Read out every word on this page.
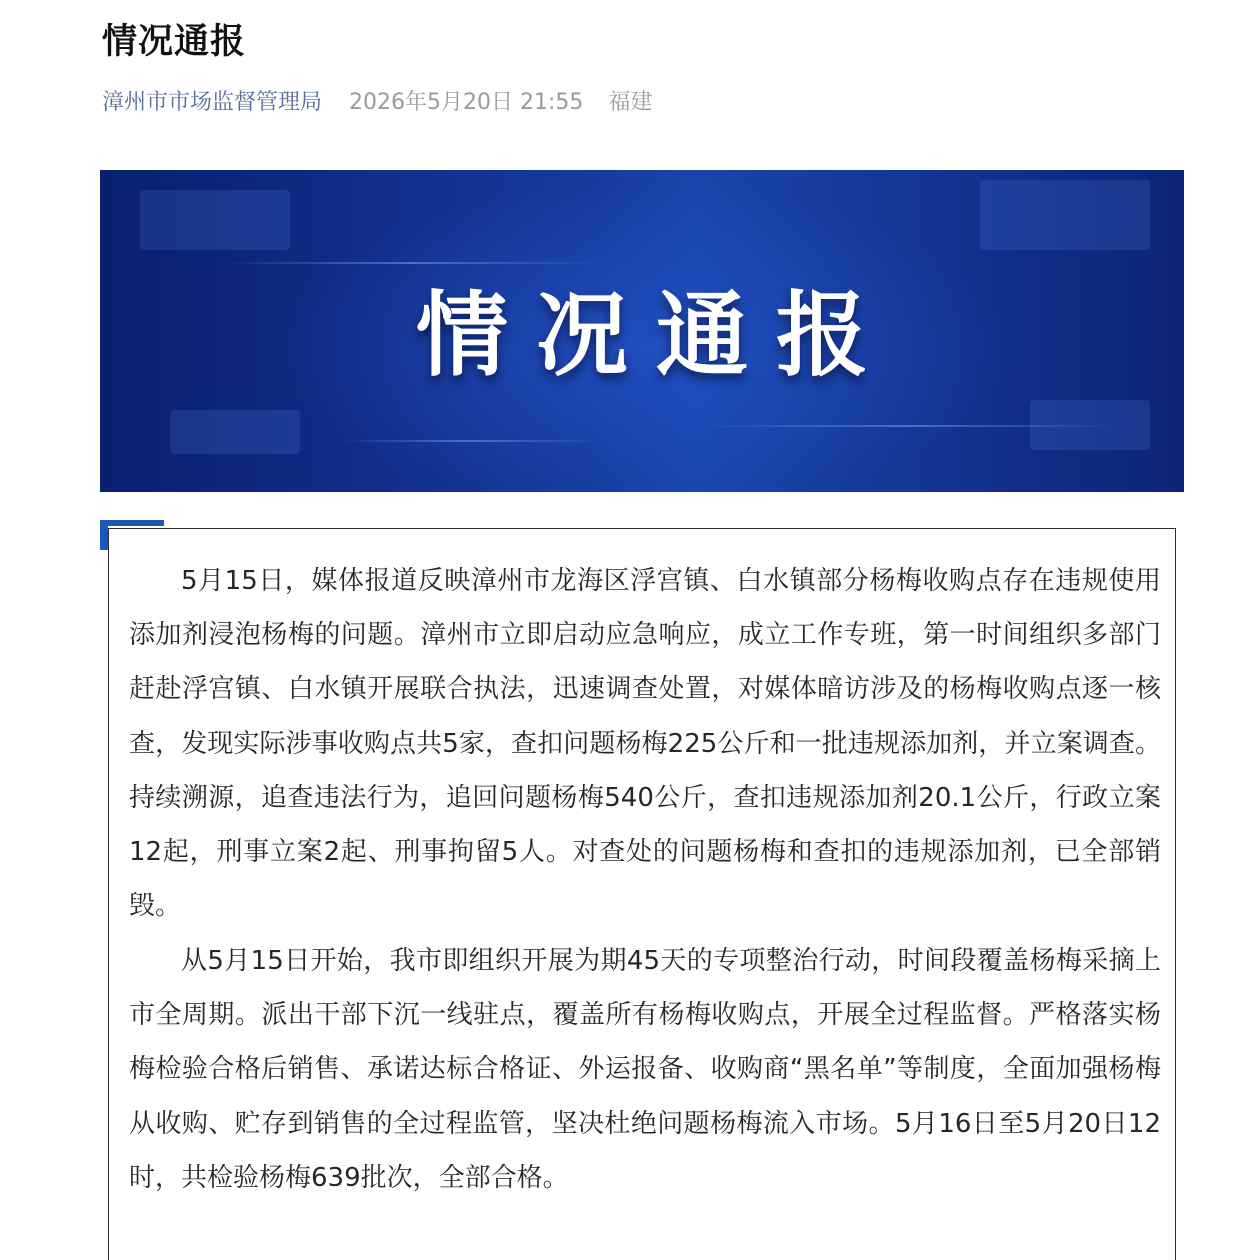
情况通报
漳州市市场监督管理局 2026年5月20日 21:55 福建
情况通报

5月15日，媒体报道反映漳州市龙海区浮宫镇、白水镇部分杨梅收购点存在违规使用添加剂浸泡杨梅的问题。漳州市立即启动应急响应，成立工作专班，第一时间组织多部门赶赴浮宫镇、白水镇开展联合执法，迅速调查处置，对媒体暗访涉及的杨梅收购点逐一核查，发现实际涉事收购点共5家，查扣问题杨梅225公斤和一批违规添加剂，并立案调查。持续溯源，追查违法行为，追回问题杨梅540公斤，查扣违规添加剂20.1公斤，行政立案12起，刑事立案2起、刑事拘留5人。对查处的问题杨梅和查扣的违规添加剂，已全部销毁。

从5月15日开始，我市即组织开展为期45天的专项整治行动，时间段覆盖杨梅采摘上市全周期。派出干部下沉一线驻点，覆盖所有杨梅收购点，开展全过程监督。严格落实杨梅检验合格后销售、承诺达标合格证、外运报备、收购商“黑名单”等制度，全面加强杨梅从收购、贮存到销售的全过程监管，坚决杜绝问题杨梅流入市场。5月16日至5月20日12时，共检验杨梅639批次，全部合格。
